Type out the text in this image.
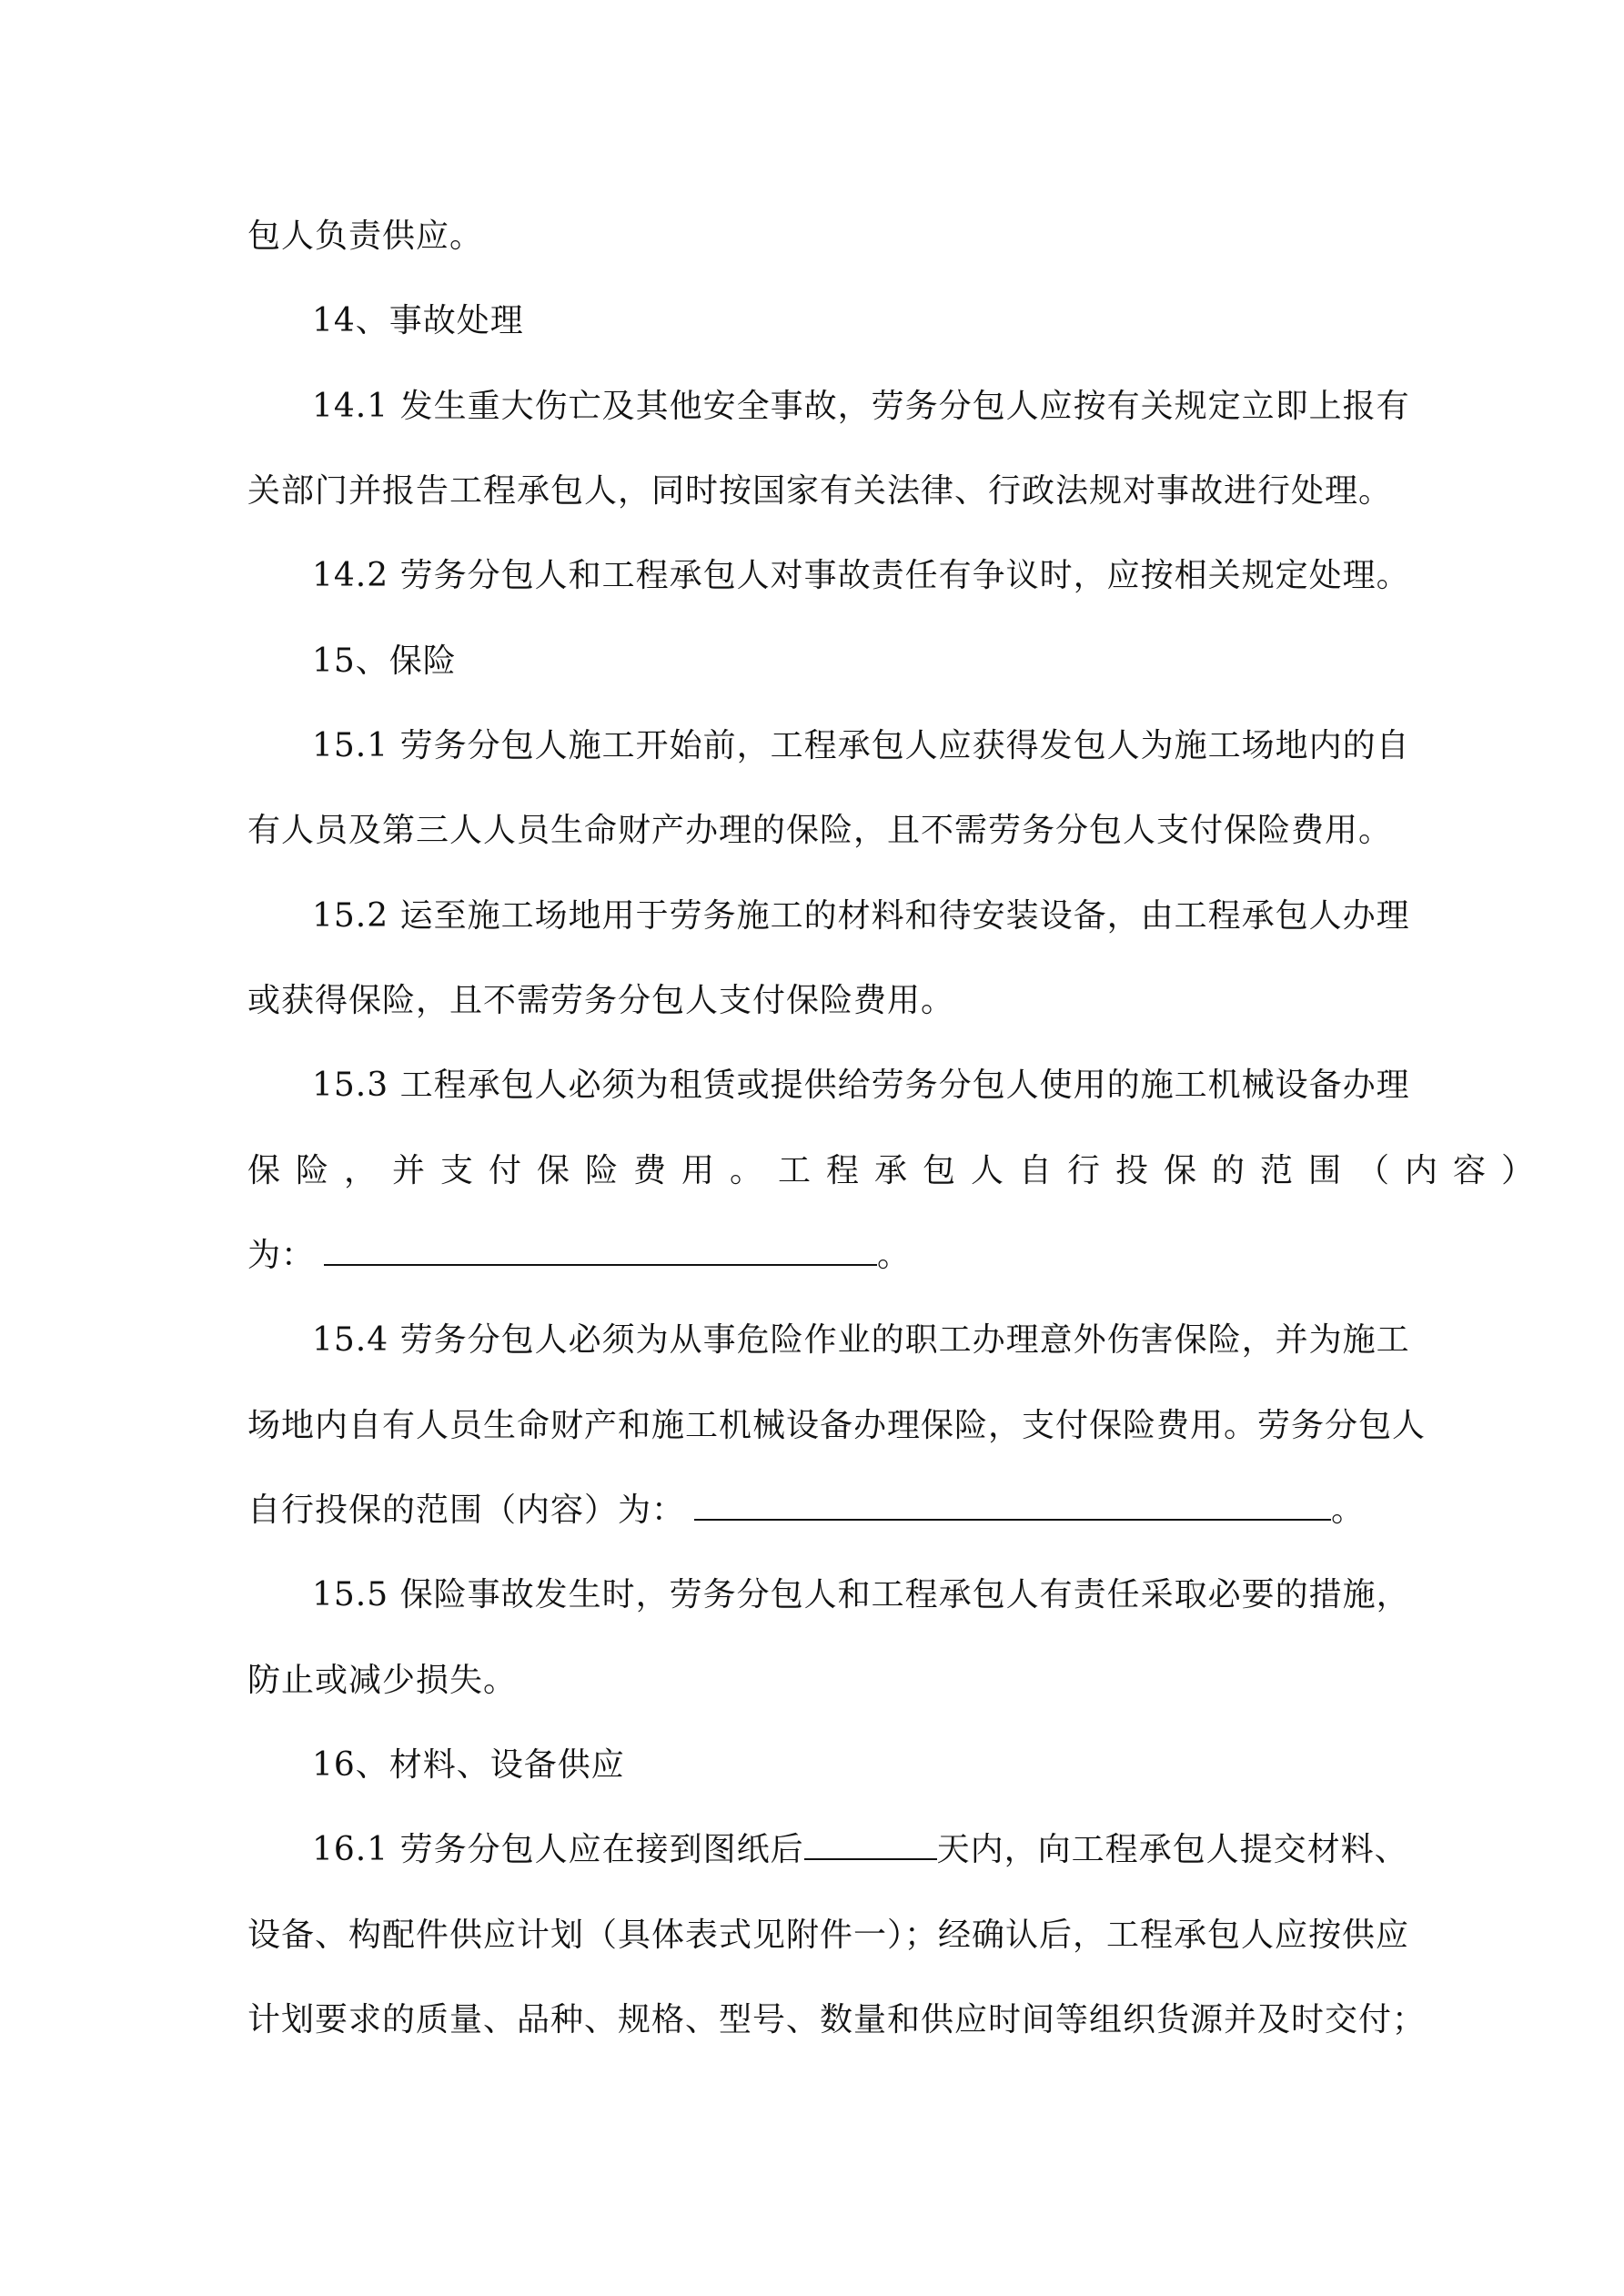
包人负责供应。
14、事故处理
14.1 发生重大伤亡及其他安全事故，劳务分包人应按有关规定立即上报有
关部门并报告工程承包人，同时按国家有关法律、行政法规对事故进行处理。
14.2 劳务分包人和工程承包人对事故责任有争议时，应按相关规定处理。
15、保险
15.1 劳务分包人施工开始前，工程承包人应获得发包人为施工场地内的自
有人员及第三人人员生命财产办理的保险，且不需劳务分包人支付保险费用。
15.2 运至施工场地用于劳务施工的材料和待安装设备，由工程承包人办理
或获得保险，且不需劳务分包人支付保险费用。
15.3 工程承包人必须为租赁或提供给劳务分包人使用的施工机械设备办理
保险，并支付保险费用。工程承包人自行投保的范围（内容）
为：	。
15.4 劳务分包人必须为从事危险作业的职工办理意外伤害保险，并为施工
场地内自有人员生命财产和施工机械设备办理保险，支付保险费用。劳务分包人
自行投保的范围（内容）为：	。
15.5 保险事故发生时，劳务分包人和工程承包人有责任采取必要的措施，
防止或减少损失。
16、材料、设备供应
16.1 劳务分包人应在接到图纸后	天内，向工程承包人提交材料、
设备、构配件供应计划（具体表式见附件一）；经确认后，工程承包人应按供应
计划要求的质量、品种、规格、型号、数量和供应时间等组织货源并及时交付；
